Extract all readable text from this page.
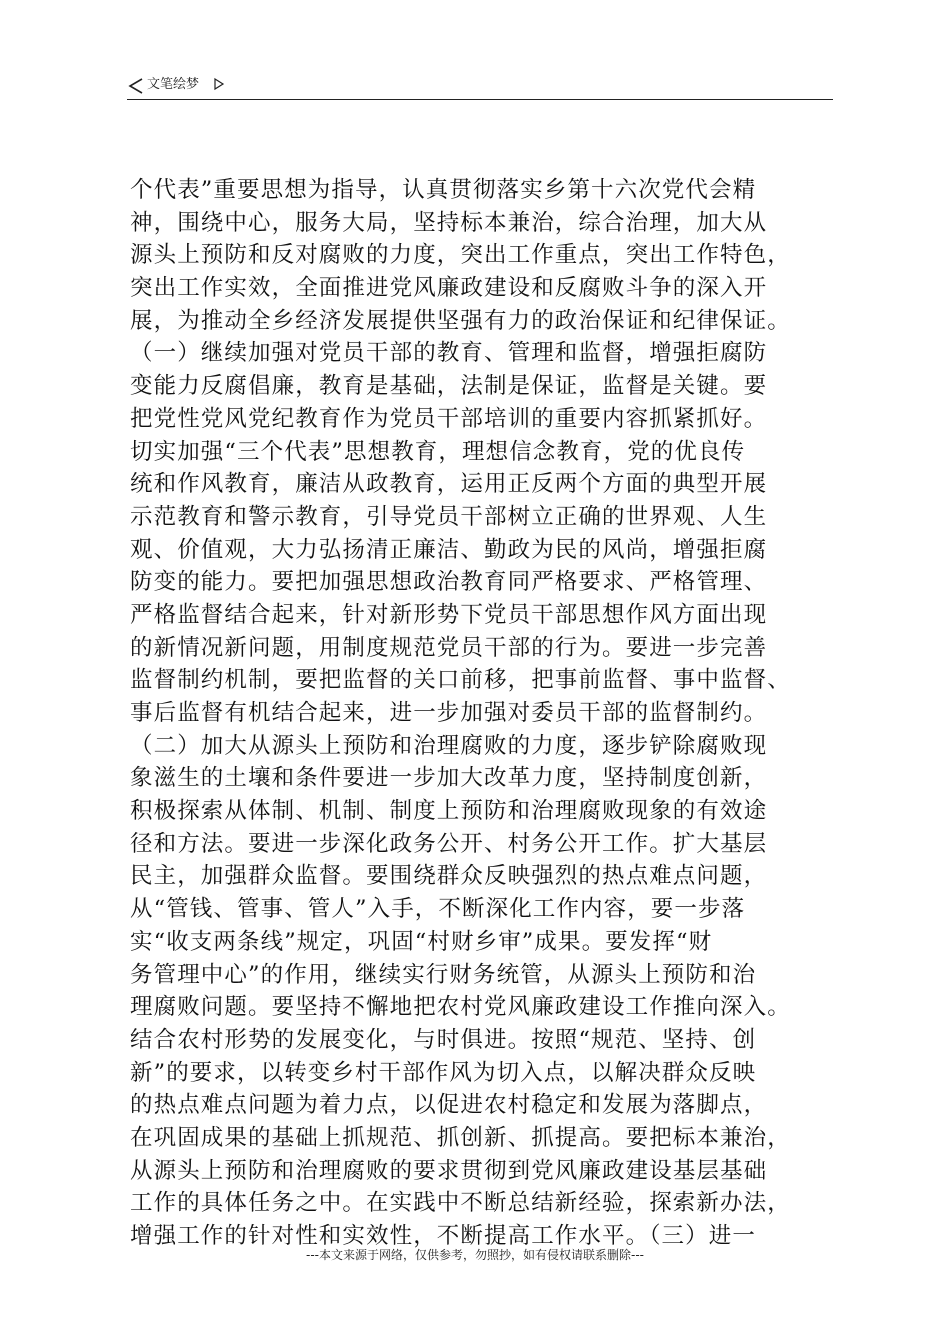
文笔绘梦
个代表”重要思想为指导，认真贯彻落实乡第十六次党代会精
神，围绕中心，服务大局，坚持标本兼治，综合治理，加大从
源头上预防和反对腐败的力度，突出工作重点，突出工作特色，
突出工作实效，全面推进党风廉政建设和反腐败斗争的深入开
展，为推动全乡经济发展提供坚强有力的政治保证和纪律保证。
（一）继续加强对党员干部的教育、管理和监督，增强拒腐防
变能力反腐倡廉，教育是基础，法制是保证，监督是关键。要
把党性党风党纪教育作为党员干部培训的重要内容抓紧抓好。
切实加强“三个代表”思想教育，理想信念教育，党的优良传
统和作风教育，廉洁从政教育，运用正反两个方面的典型开展
示范教育和警示教育，引导党员干部树立正确的世界观、人生
观、价值观，大力弘扬清正廉洁、勤政为民的风尚，增强拒腐
防变的能力。要把加强思想政治教育同严格要求、严格管理、
严格监督结合起来，针对新形势下党员干部思想作风方面出现
的新情况新问题，用制度规范党员干部的行为。要进一步完善
监督制约机制，要把监督的关口前移，把事前监督、事中监督、
事后监督有机结合起来，进一步加强对委员干部的监督制约。
（二）加大从源头上预防和治理腐败的力度，逐步铲除腐败现
象滋生的土壤和条件要进一步加大改革力度，坚持制度创新，
积极探索从体制、机制、制度上预防和治理腐败现象的有效途
径和方法。要进一步深化政务公开、村务公开工作。扩大基层
民主，加强群众监督。要围绕群众反映强烈的热点难点问题，
从“管钱、管事、管人”入手，不断深化工作内容，要一步落
实“收支两条线”规定，巩固“村财乡审”成果。要发挥“财
务管理中心”的作用，继续实行财务统管，从源头上预防和治
理腐败问题。要坚持不懈地把农村党风廉政建设工作推向深入。
结合农村形势的发展变化，与时俱进。按照“规范、坚持、创
新”的要求，以转变乡村干部作风为切入点，以解决群众反映
的热点难点问题为着力点，以促进农村稳定和发展为落脚点，
在巩固成果的基础上抓规范、抓创新、抓提高。要把标本兼治，
从源头上预防和治理腐败的要求贯彻到党风廉政建设基层基础
工作的具体任务之中。在实践中不断总结新经验，探索新办法，
增强工作的针对性和实效性，不断提高工作水平。（三）进一
---本文来源于网络，仅供参考，勿照抄，如有侵权请联系删除---
